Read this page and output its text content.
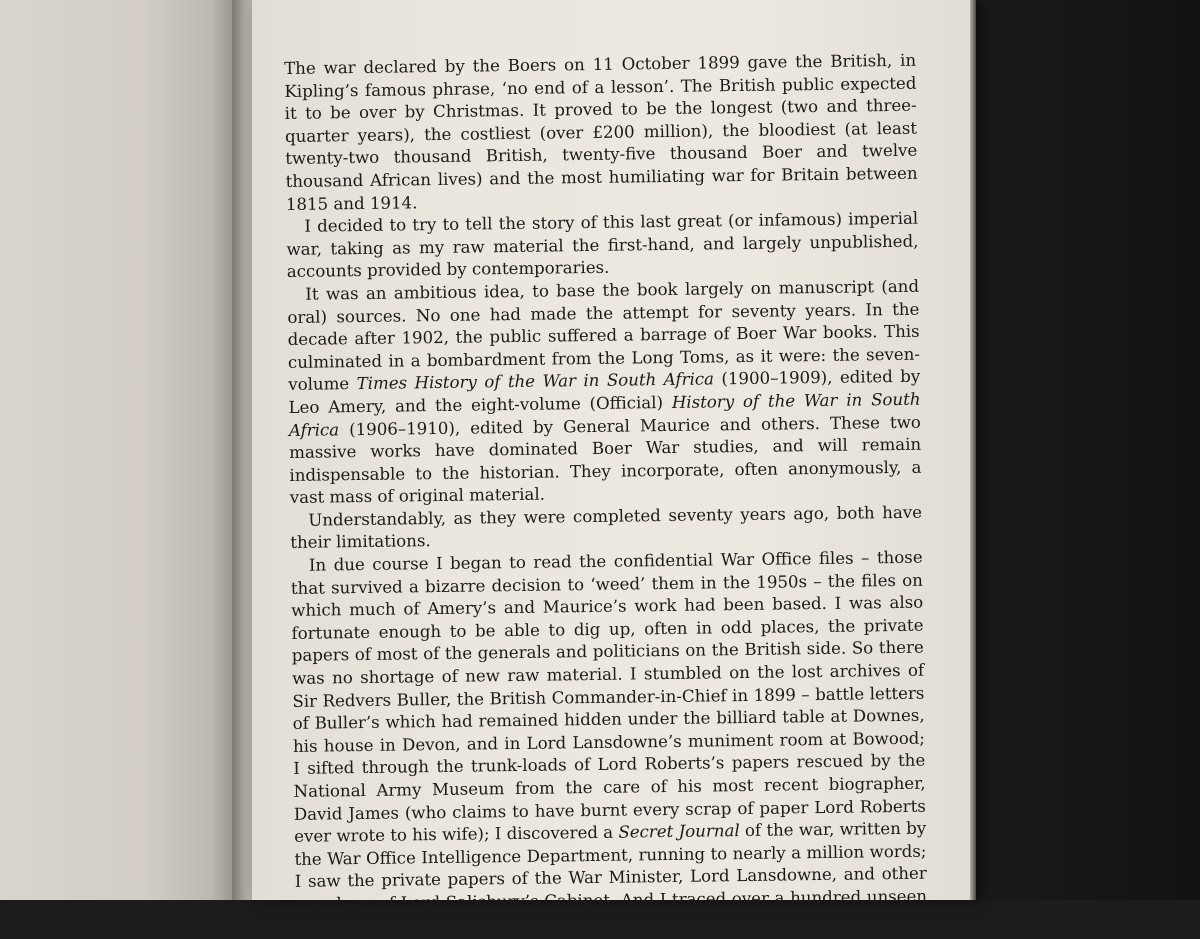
The war declared by the Boers on 11 October 1899 gave the British, in Kipling’s famous phrase, ‘no end of a lesson’. The British public expected it to be over by Christmas. It proved to be the longest (two and three-quarter years), the costliest (over £200 million), the bloodiest (at least twenty-two thousand British, twenty-five thousand Boer and twelve thousand African lives) and the most humiliating war for Britain between 1815 and 1914.

I decided to try to tell the story of this last great (or infamous) imperial war, taking as my raw material the first-hand, and largely unpublished, accounts provided by contemporaries.

It was an ambitious idea, to base the book largely on manuscript (and oral) sources. No one had made the attempt for seventy years. In the decade after 1902, the public suffered a barrage of Boer War books. This culminated in a bombardment from the Long Toms, as it were: the seven-volume Times History of the War in South Africa (1900–1909), edited by Leo Amery, and the eight-volume (Official) History of the War in South Africa (1906–1910), edited by General Maurice and others. These two massive works have dominated Boer War studies, and will remain indispensable to the historian. They incorporate, often anonymously, a vast mass of original material.

Understandably, as they were completed seventy years ago, both have their limitations.

In due course I began to read the confidential War Office files – those that survived a bizarre decision to ‘weed’ them in the 1950s – the files on which much of Amery’s and Maurice’s work had been based. I was also fortunate enough to be able to dig up, often in odd places, the private papers of most of the generals and politicians on the British side. So there was no shortage of new raw material. I stumbled on the lost archives of Sir Redvers Buller, the British Commander-in-Chief in 1899 – battle letters of Buller’s which had remained hidden under the billiard table at Downes, his house in Devon, and in Lord Lansdowne’s muniment room at Bowood; I sifted through the trunk-loads of Lord Roberts’s papers rescued by the National Army Museum from the care of his most recent biographer, David James (who claims to have burnt every scrap of paper Lord Roberts ever wrote to his wife); I discovered a Secret Journal of the war, written by the War Office Intelligence Department, running to nearly a million words; I saw the private papers of the War Minister, Lord Lansdowne, and other members of Lord Salisbury’s Cabinet. And I traced over a hundred unseen sets of
